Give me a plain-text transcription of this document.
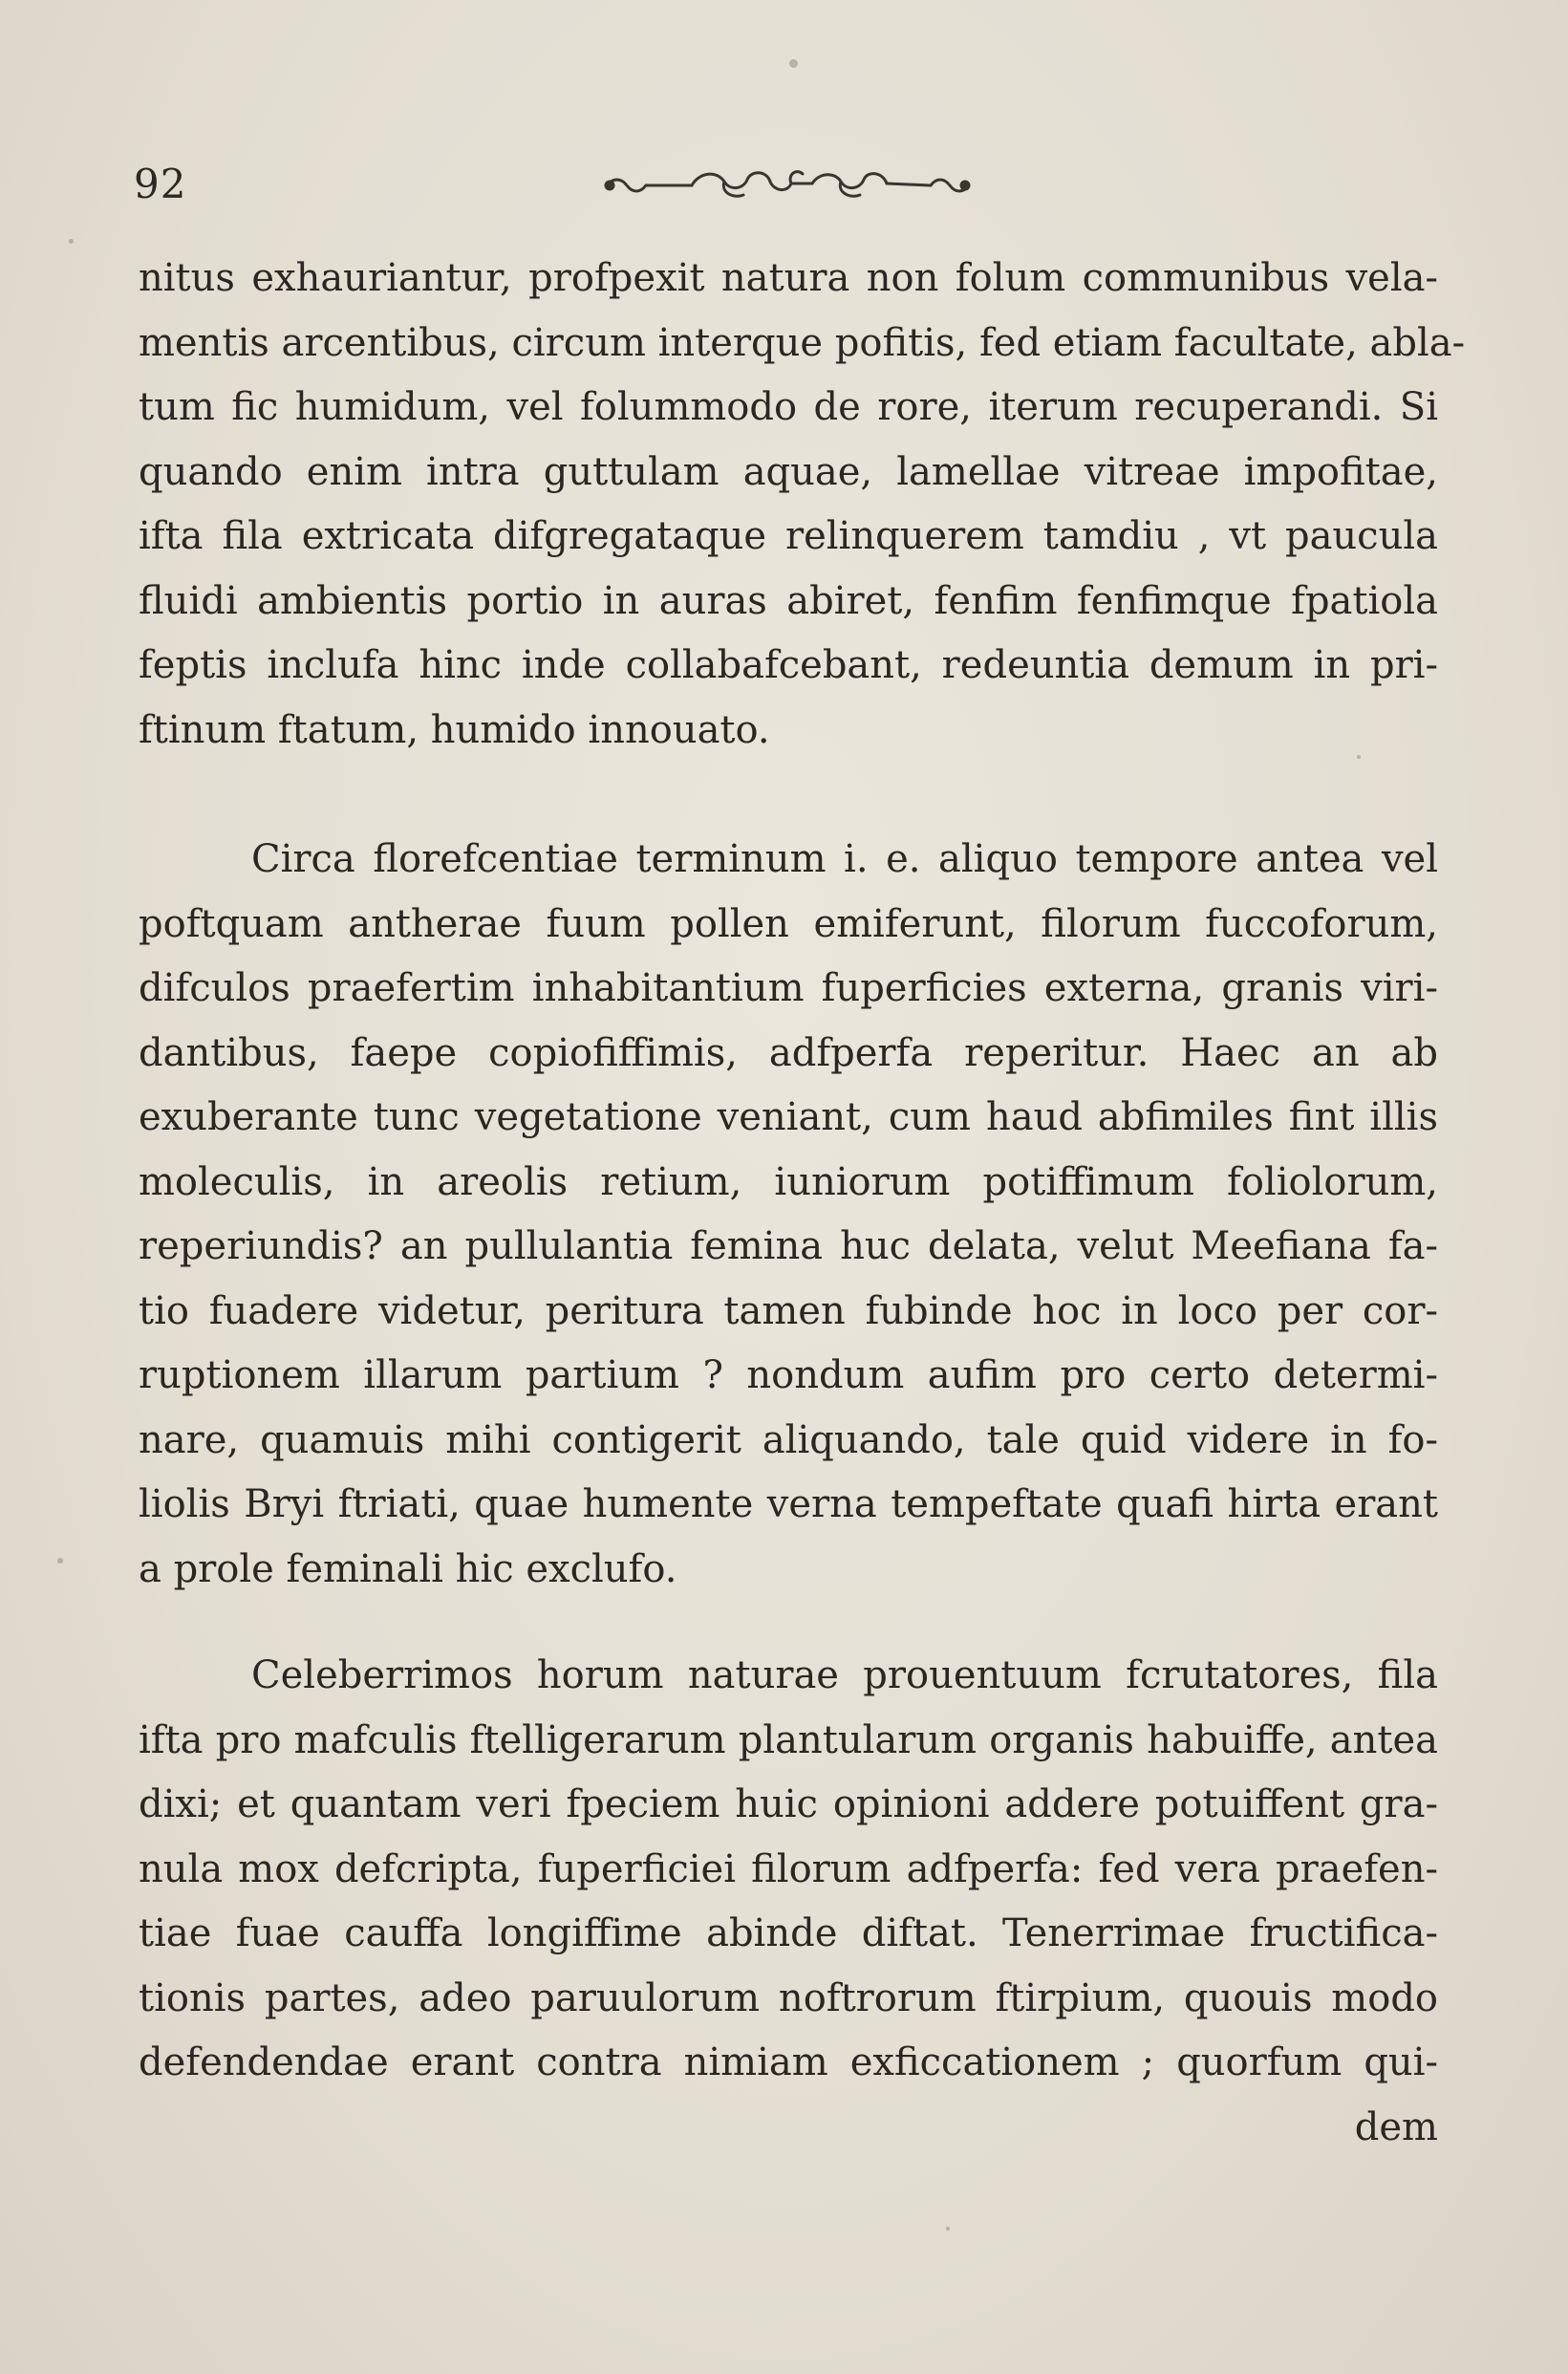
92
nitus exhauriantur, profpexit natura non folum communibus vela-
mentis arcentibus, circum interque pofitis, fed etiam facultate, abla-
tum fic humidum, vel folummodo de rore, iterum recuperandi. Si
quando enim intra guttulam aquae, lamellae vitreae impofitae,
ifta fila extricata difgregataque relinquerem tamdiu , vt paucula
fluidi ambientis portio in auras abiret, fenfim fenfimque fpatiola
feptis inclufa hinc inde collabafcebant, redeuntia demum in pri-
ftinum ftatum, humido innouato.
Circa florefcentiae terminum i. e. aliquo tempore antea vel
poftquam antherae fuum pollen emiferunt, filorum fuccoforum,
difculos praefertim inhabitantium fuperficies externa, granis viri-
dantibus, faepe copiofiffimis, adfperfa reperitur. Haec an ab
exuberante tunc vegetatione veniant, cum haud abfimiles fint illis
moleculis, in areolis retium, iuniorum potiffimum foliolorum,
reperiundis? an pullulantia femina huc delata, velut Meefiana fa-
tio fuadere videtur, peritura tamen fubinde hoc in loco per cor-
ruptionem illarum partium ? nondum aufim pro certo determi-
nare, quamuis mihi contigerit aliquando, tale quid videre in fo-
liolis Bryi ftriati, quae humente verna tempeftate quafi hirta erant
a prole feminali hic exclufo.
Celeberrimos horum naturae prouentuum fcrutatores, fila
ifta pro mafculis ftelligerarum plantularum organis habuiffe, antea
dixi; et quantam veri fpeciem huic opinioni addere potuiffent gra-
nula mox defcripta, fuperficiei filorum adfperfa: fed vera praefen-
tiae fuae cauffa longiffime abinde diftat. Tenerrimae fructifica-
tionis partes, adeo paruulorum noftrorum ftirpium, quouis modo
defendendae erant contra nimiam exficcationem ; quorfum qui-
dem
